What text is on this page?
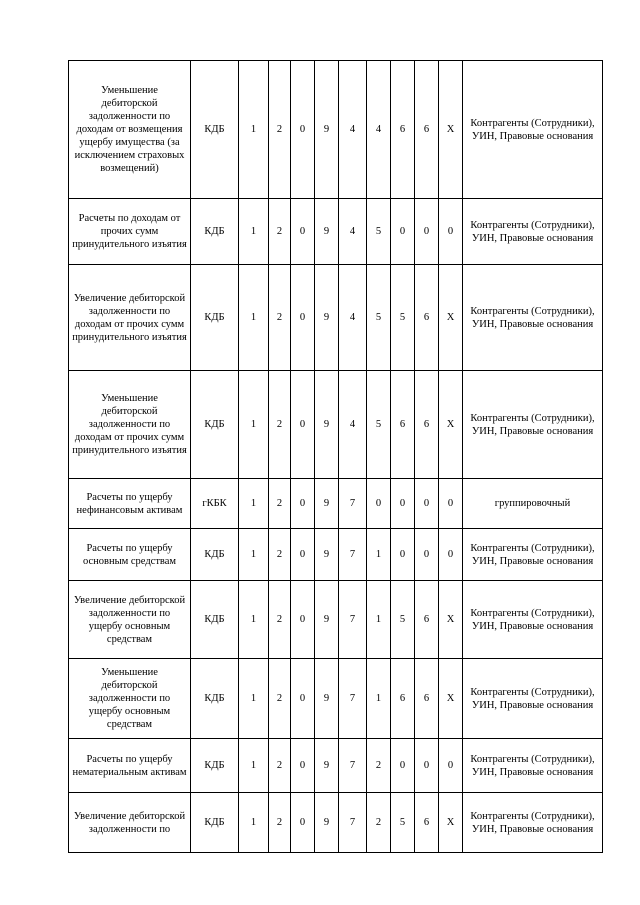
Уменьшение дебиторской задолженности по доходам от возмещения ущербу имущества (за исключением страховых возмещений)	КДБ	1	2	0	9	4	4	6	6	X	Контрагенты (Сотрудники), УИН, Правовые основания
Расчеты по доходам от прочих сумм принудительного изъятия	КДБ	1	2	0	9	4	5	0	0	0	Контрагенты (Сотрудники), УИН, Правовые основания
Увеличение дебиторской задолженности по доходам от прочих сумм принудительного изъятия	КДБ	1	2	0	9	4	5	5	6	X	Контрагенты (Сотрудники), УИН, Правовые основания
Уменьшение дебиторской задолженности по доходам от прочих сумм принудительного изъятия	КДБ	1	2	0	9	4	5	6	6	X	Контрагенты (Сотрудники), УИН, Правовые основания
Расчеты по ущербу нефинансовым активам	гКБК	1	2	0	9	7	0	0	0	0	группировочный
Расчеты по ущербу основным средствам	КДБ	1	2	0	9	7	1	0	0	0	Контрагенты (Сотрудники), УИН, Правовые основания
Увеличение дебиторской задолженности по ущербу основным средствам	КДБ	1	2	0	9	7	1	5	6	X	Контрагенты (Сотрудники), УИН, Правовые основания
Уменьшение дебиторской задолженности по ущербу основным средствам	КДБ	1	2	0	9	7	1	6	6	X	Контрагенты (Сотрудники), УИН, Правовые основания
Расчеты по ущербу нематериальным активам	КДБ	1	2	0	9	7	2	0	0	0	Контрагенты (Сотрудники), УИН, Правовые основания
Увеличение дебиторской задолженности по	КДБ	1	2	0	9	7	2	5	6	X	Контрагенты (Сотрудники), УИН, Правовые основания
